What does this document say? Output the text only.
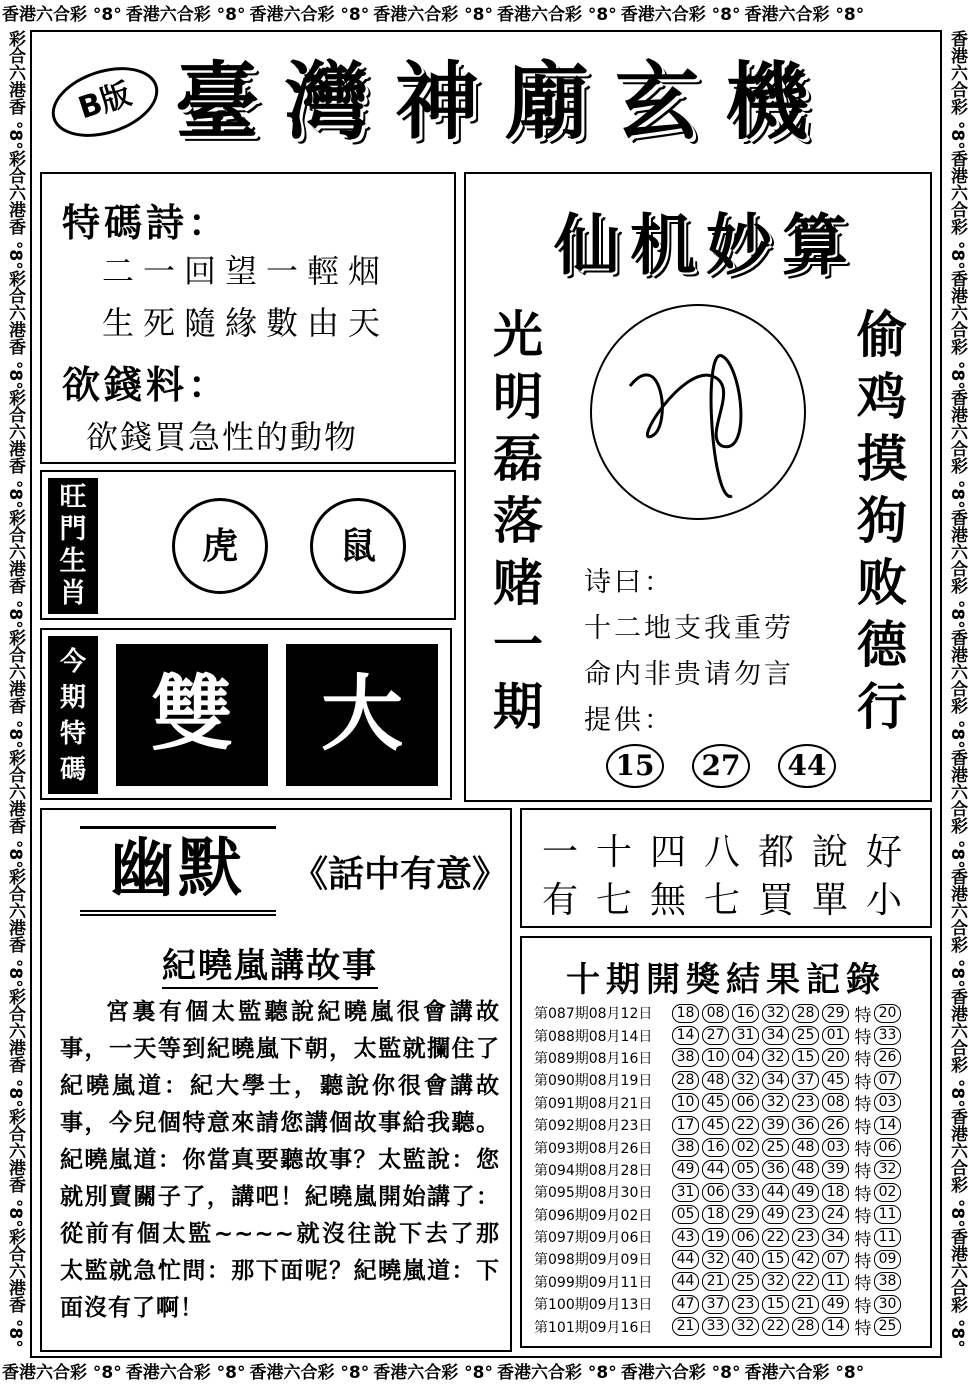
香港六合彩 °8° 香港六合彩 °8° 香港六合彩 °8° 香港六合彩 °8° 香港六合彩 °8° 香港六合彩 °8° 香港六合彩 °8°
香港六合彩 °8° 香港六合彩 °8° 香港六合彩 °8° 香港六合彩 °8° 香港六合彩 °8° 香港六合彩 °8° 香港六合彩 °8°
彩合六港香 °8°彩合六港香 °8°彩合六港香 °8°彩合六港香 °8°彩合六港香 °8°彩合六港香 °8°彩合六港香 °8°彩合六港香 °8°彩合六港香 °8°彩合六港香 °8°彩合六港香 °8°
香港六合彩 °8°香港六合彩 °8°香港六合彩 °8°香港六合彩 °8°香港六合彩 °8°香港六合彩 °8°香港六合彩 °8°香港六合彩 °8°香港六合彩 °8°香港六合彩 °8°香港六合彩 °8°
B版 臺灣神廟玄機
特碼詩：
二一回望一輕烟
生死隨緣數由天
欲錢料：
欲錢買急性的動物
旺
門
生
肖
虎	鼠
今
期
特
碼
雙	大
仙机妙算
光
明
磊
落
赌
一
期
偷
鸡
摸
狗
败
德
行
诗曰：
十二地支我重劳
命内非贵请勿言
提供：
15	27	44
幽默	《話中有意》
紀曉嵐講故事
宮裏有個太監聽說紀曉嵐很會講故事，一天等到紀曉嵐下朝，太監就攔住了紀曉嵐道：紀大學士，聽說你很會講故事，今兒個特意來請您講個故事給我聽。紀曉嵐道：你當真要聽故事？太監說：您就別賣關子了，講吧！紀曉嵐開始講了：從前有個太監~~~~就沒往說下去了那太監就急忙問：那下面呢？紀曉嵐道：下面沒有了啊！
一十四八都說好
有七無七買單小
十期開獎結果記錄
第087期08月12日	18 08 16 32 28 29 特 20
第088期08月14日	14 27 31 34 25 01 特 33
第089期08月16日	38 10 04 32 15 20 特 26
第090期08月19日	28 48 32 34 37 45 特 07
第091期08月21日	10 45 06 32 23 08 特 03
第092期08月23日	17 45 22 39 36 26 特 14
第093期08月26日	38 16 02 25 48 03 特 06
第094期08月28日	49 44 05 36 48 39 特 32
第095期08月30日	31 06 33 44 49 18 特 02
第096期09月02日	05 18 29 49 23 24 特 11
第097期09月06日	43 19 06 22 23 34 特 11
第098期09月09日	44 32 40 15 42 07 特 09
第099期09月11日	44 21 25 32 22 11 特 38
第100期09月13日	47 37 23 15 21 49 特 30
第101期09月16日	21 33 32 22 28 14 特 25
